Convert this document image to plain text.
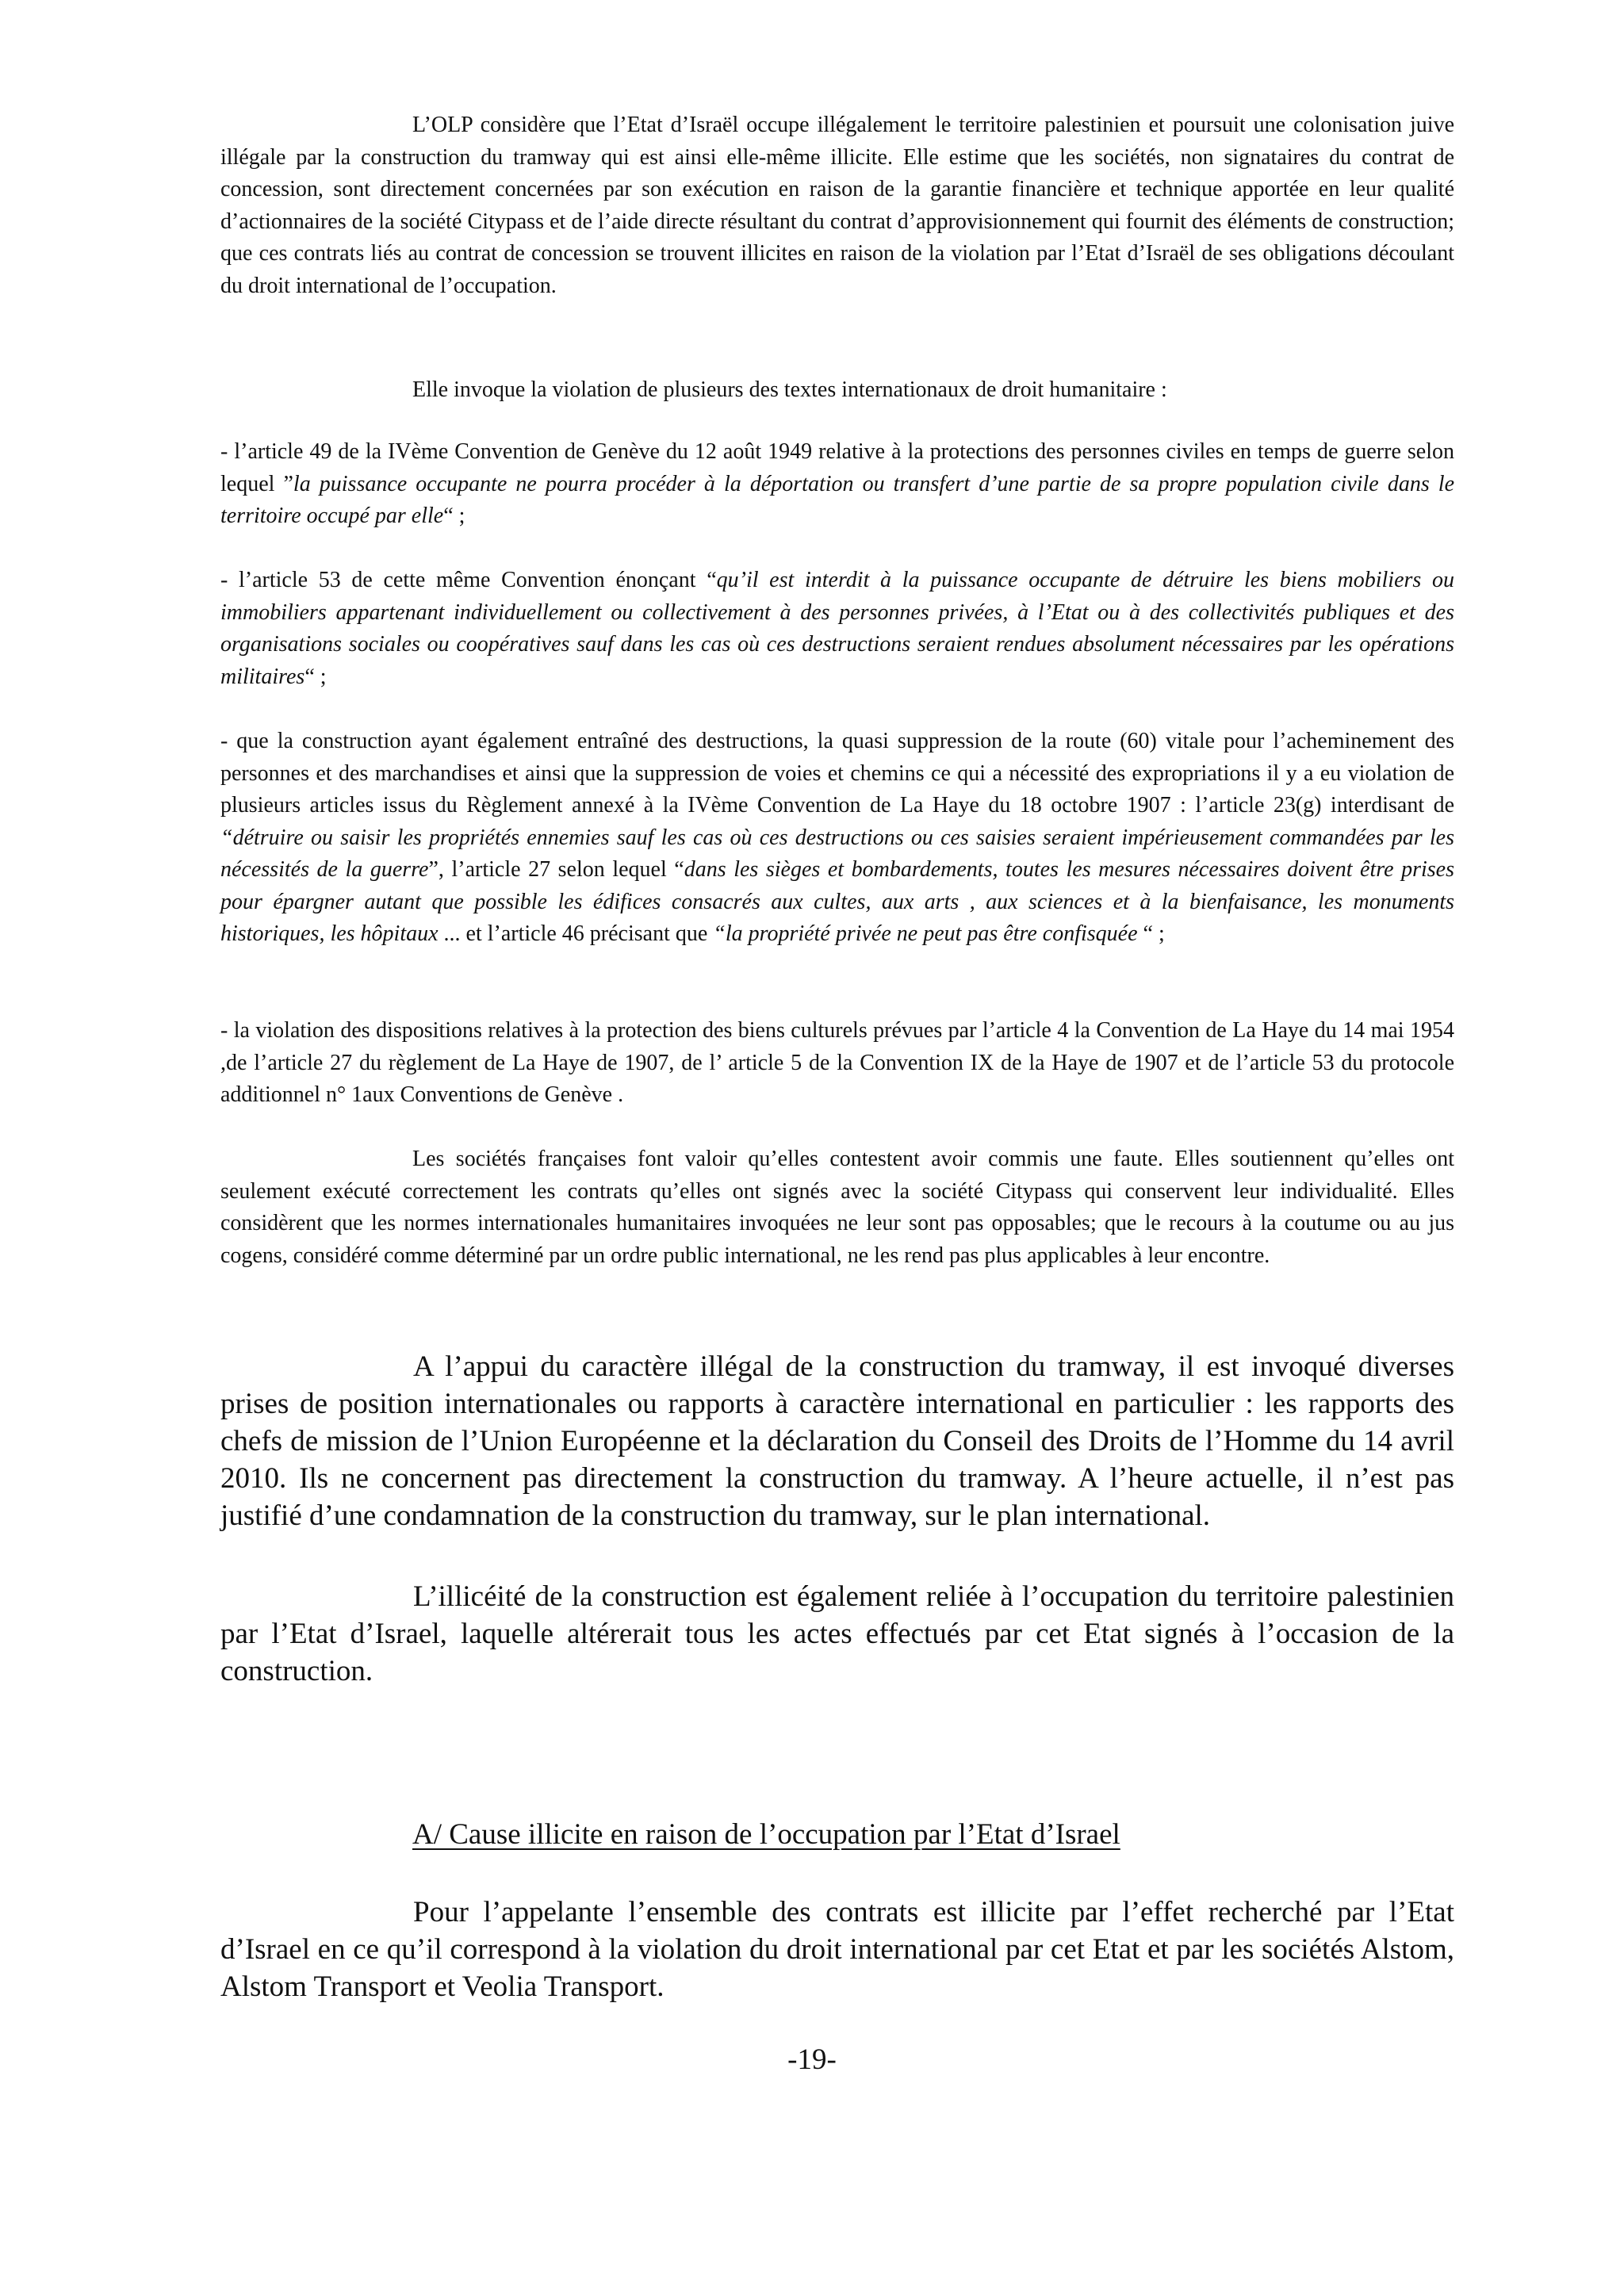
L’OLP considère que l’Etat d’Israël occupe illégalement le territoire palestinien et poursuit une colonisation juive illégale par la construction du tramway qui est ainsi elle-même illicite. Elle estime que les sociétés, non signataires du contrat de concession, sont directement concernées par son exécution en raison de la garantie financière et technique apportée en leur qualité d’actionnaires de la société Citypass et de l’aide directe résultant du contrat d’approvisionnement qui fournit des éléments de construction; que ces contrats liés au contrat de concession se trouvent illicites en raison de la violation par l’Etat d’Israël de ses obligations découlant du droit international de l’occupation.

Elle invoque la violation de plusieurs des textes internationaux de droit humanitaire :

- l’article 49 de la IVème Convention de Genève du 12 août 1949 relative à la protections des personnes civiles en temps de guerre selon lequel ”la puissance occupante ne pourra procéder à la déportation ou transfert d’une partie de sa propre population civile dans le territoire occupé par elle“ ;

- l’article 53 de cette même Convention énonçant “qu’il est interdit à la puissance occupante de détruire les biens mobiliers ou immobiliers appartenant individuellement ou collectivement à des personnes privées, à l’Etat ou à des collectivités publiques et des organisations sociales ou coopératives sauf dans les cas où ces destructions seraient rendues absolument nécessaires par les opérations militaires“ ;

- que la construction ayant également entraîné des destructions, la quasi suppression de la route (60) vitale pour l’acheminement des personnes et des marchandises et ainsi que la suppression de voies et chemins ce qui a nécessité des expropriations il y a eu violation de plusieurs articles issus du Règlement annexé à la IVème Convention de La Haye du 18 octobre 1907 : l’article 23(g) interdisant de “détruire ou saisir les propriétés ennemies sauf les cas où ces destructions ou ces saisies seraient impérieusement commandées par les nécessités de la guerre”, l’article 27 selon lequel “dans les sièges et bombardements, toutes les mesures nécessaires doivent être prises pour épargner autant que possible les édifices consacrés aux cultes, aux arts , aux sciences et à la bienfaisance, les monuments historiques, les hôpitaux ... et l’article 46 précisant que “la propriété privée ne peut pas être confisquée “ ;

- la violation des dispositions relatives à la protection des biens culturels prévues par l’article 4 la Convention de La Haye du 14 mai 1954 ,de l’article 27 du règlement de La Haye de 1907, de l’ article 5 de la Convention IX de la Haye de 1907 et de l’article 53 du protocole additionnel n° 1aux Conventions de Genève .

Les sociétés françaises font valoir qu’elles contestent avoir commis une faute. Elles soutiennent qu’elles ont seulement exécuté correctement les contrats qu’elles ont signés avec la société Citypass qui conservent leur individualité. Elles considèrent que les normes internationales humanitaires invoquées ne leur sont pas opposables; que le recours à la coutume ou au jus cogens, considéré comme déterminé par un ordre public international, ne les rend pas plus applicables à leur encontre.

A l’appui du caractère illégal de la construction du tramway, il est invoqué diverses prises de position internationales ou rapports à caractère international en particulier : les rapports des chefs de mission de l’Union Européenne et la déclaration du Conseil des Droits de l’Homme du 14 avril 2010. Ils ne concernent pas directement la construction du tramway. A l’heure actuelle, il n’est pas justifié d’une condamnation de la construction du tramway, sur le plan international.

L’illicéité de la construction est également reliée à l’occupation du territoire palestinien par l’Etat d’Israel, laquelle altérerait tous les actes effectués par cet Etat signés à l’occasion de la construction.

A/ Cause illicite en raison de l’occupation par l’Etat d’Israel

Pour l’appelante l’ensemble des contrats est illicite par l’effet recherché par l’Etat d’Israel en ce qu’il correspond à la violation du droit international par cet Etat et par les sociétés Alstom, Alstom Transport et Veolia Transport.

-19-
